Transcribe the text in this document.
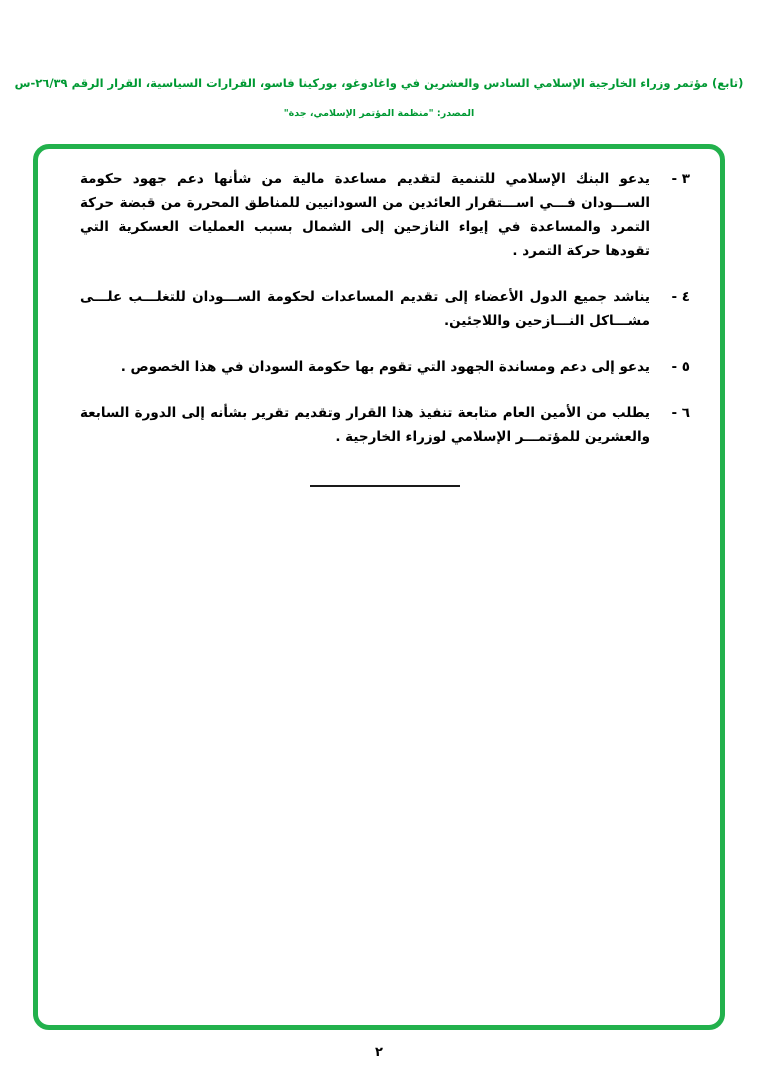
(تابع) مؤتمر وزراء الخارجية الإسلامي السادس والعشرين في واغادوغو، بوركينا فاسو، القرارات السياسية، القرار الرقم ٢٦/٣٩-س
المصدر: "منظمة المؤتمر الإسلامي، جدة"
٣ -
يدعو البنك الإسلامي للتنمية لتقديم مساعدة مالية من شأنها دعم جهود حكومة الســـودان فـــي اســـتقرار العائدين من السودانيين للمناطق المحررة من قبضة حركة التمرد والمساعدة في إيواء النازحين إلى الشمال بسبب العمليات العسكرية التي تقودها حركة التمرد .
٤ -
يناشد جميع الدول الأعضاء إلى تقديم المساعدات لحكومة الســـودان للتغلـــب علـــى مشـــاكل النـــازحين واللاجئين.
٥ -
يدعو إلى دعم ومساندة الجهود التي تقوم بها حكومة السودان في هذا الخصوص .
٦ -
يطلب من الأمين العام متابعة تنفيذ هذا القرار وتقديم تقرير بشأنه إلى الدورة السابعة والعشرين للمؤتمـــر الإسلامي لوزراء الخارجية .
٢
